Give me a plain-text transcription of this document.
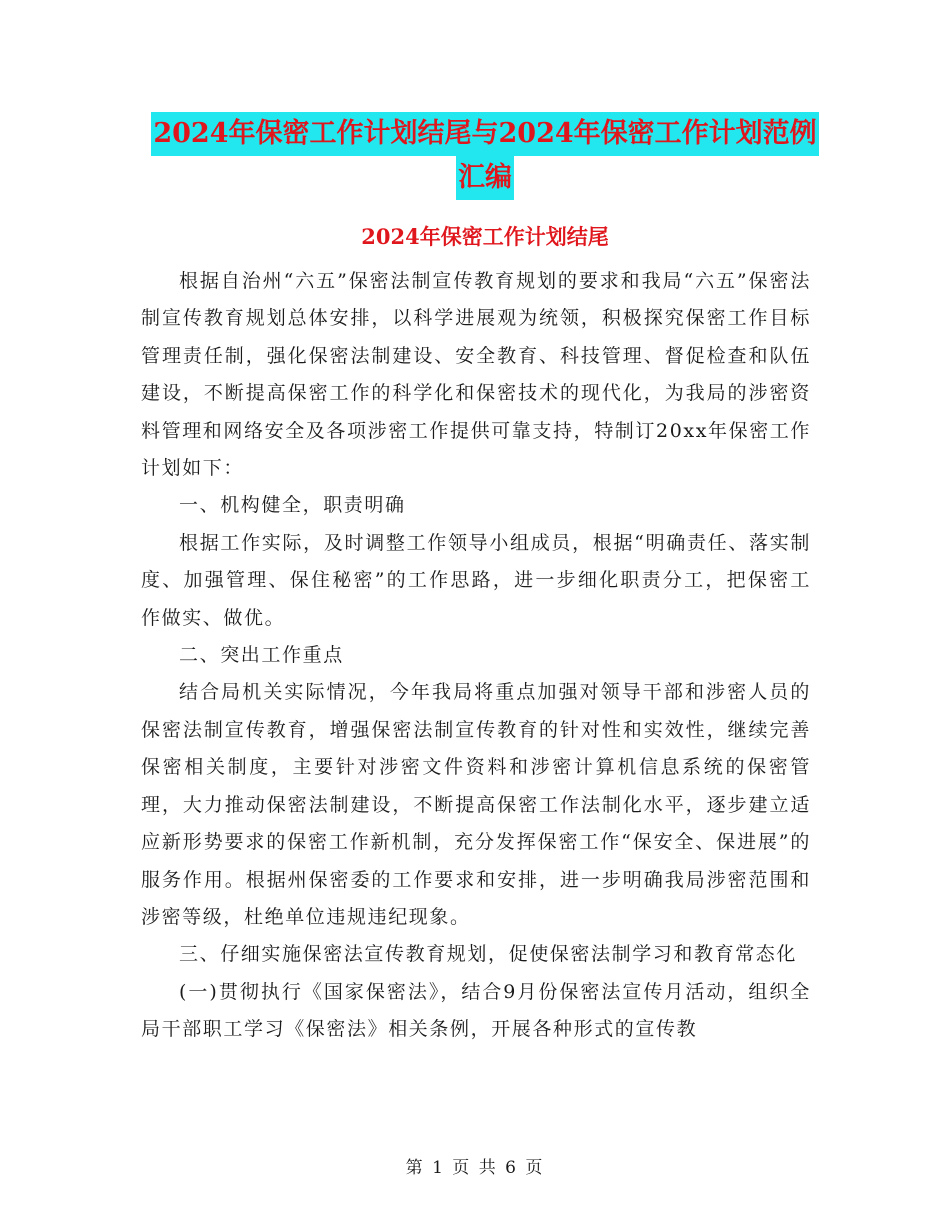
2024年保密工作计划结尾与2024年保密工作计划范例
汇编
2024年保密工作计划结尾

根据自治州“六五”保密法制宣传教育规划的要求和我局“六五”保密法制宣传教育规划总体安排，以科学进展观为统领，积极探究保密工作目标管理责任制，强化保密法制建设、安全教育、科技管理、督促检查和队伍建设，不断提高保密工作的科学化和保密技术的现代化，为我局的涉密资料管理和网络安全及各项涉密工作提供可靠支持，特制订20xx年保密工作计划如下：

一、机构健全，职责明确

根据工作实际，及时调整工作领导小组成员，根据“明确责任、落实制度、加强管理、保住秘密”的工作思路，进一步细化职责分工，把保密工作做实、做优。

二、突出工作重点

结合局机关实际情况，今年我局将重点加强对领导干部和涉密人员的保密法制宣传教育，增强保密法制宣传教育的针对性和实效性，继续完善保密相关制度，主要针对涉密文件资料和涉密计算机信息系统的保密管理，大力推动保密法制建设，不断提高保密工作法制化水平，逐步建立适应新形势要求的保密工作新机制，充分发挥保密工作“保安全、保进展”的服务作用。根据州保密委的工作要求和安排，进一步明确我局涉密范围和涉密等级，杜绝单位违规违纪现象。

三、仔细实施保密法宣传教育规划，促使保密法制学习和教育常态化

(一)贯彻执行《国家保密法》，结合9月份保密法宣传月活动，组织全局干部职工学习《保密法》相关条例，开展各种形式的宣传教

第 1 页 共 6 页
